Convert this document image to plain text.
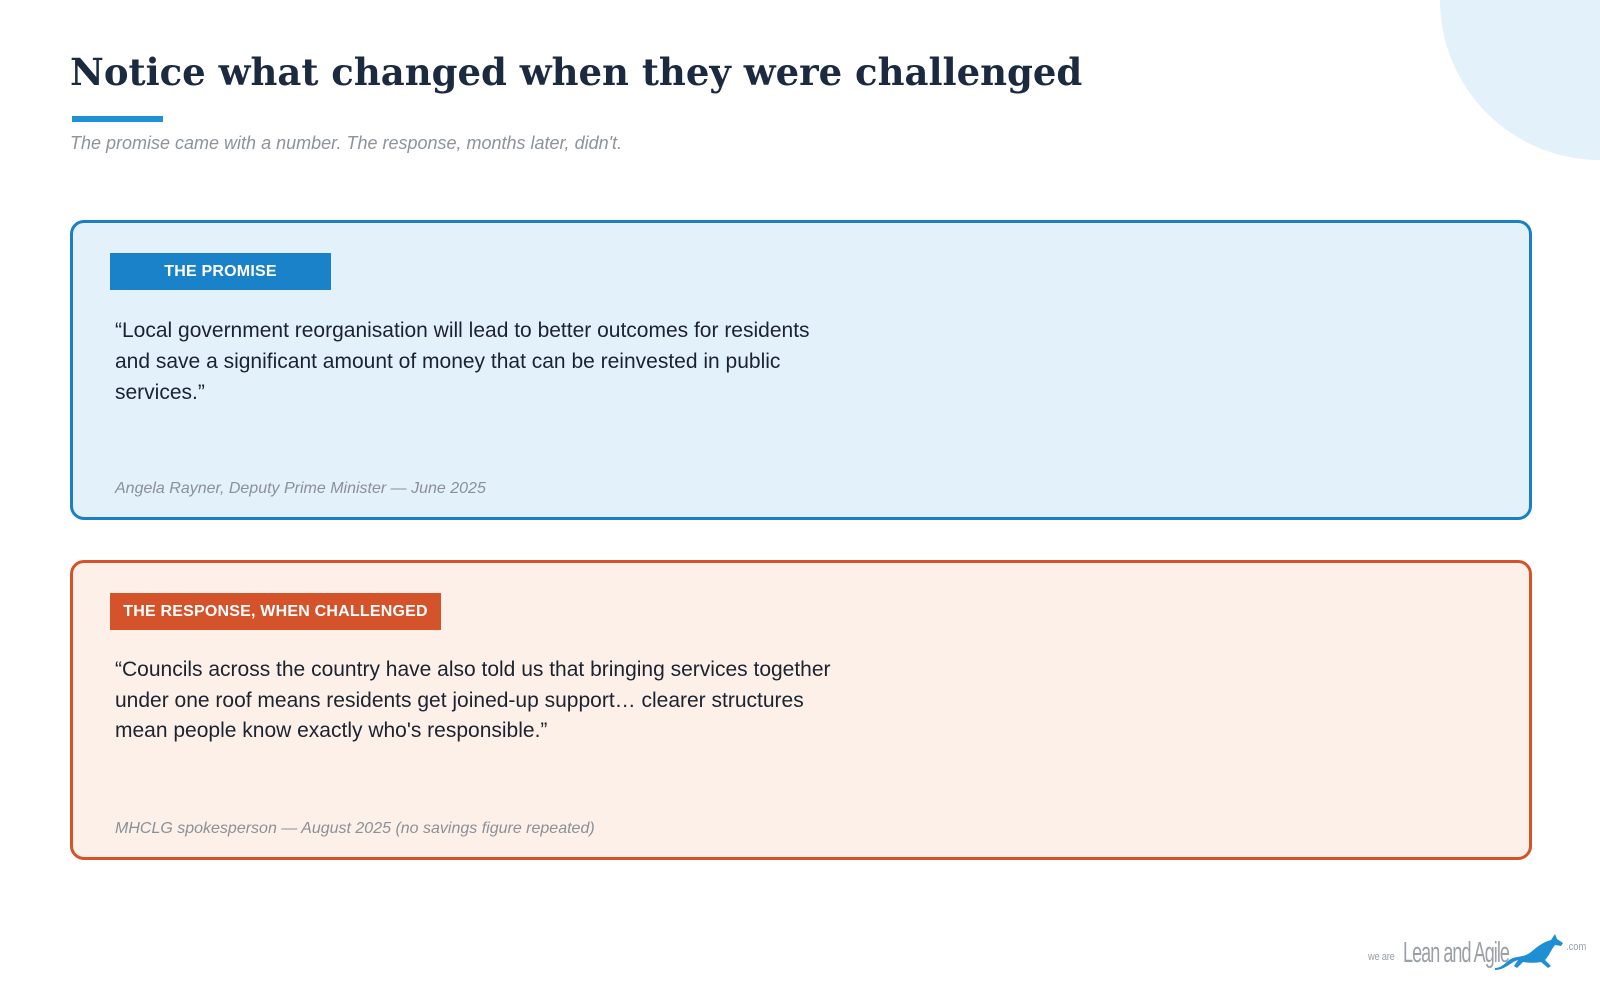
Notice what changed when they were challenged

The promise came with a number. The response, months later, didn't.

THE PROMISE

“Local government reorganisation will lead to better outcomes for residents and save a significant amount of money that can be reinvested in public services.”

Angela Rayner, Deputy Prime Minister — June 2025

THE RESPONSE, WHEN CHALLENGED

“Councils across the country have also told us that bringing services together under one roof means residents get joined-up support… clearer structures mean people know exactly who's responsible.”

MHCLG spokesperson — August 2025 (no savings figure repeated)

we are Lean and Agile	.com
